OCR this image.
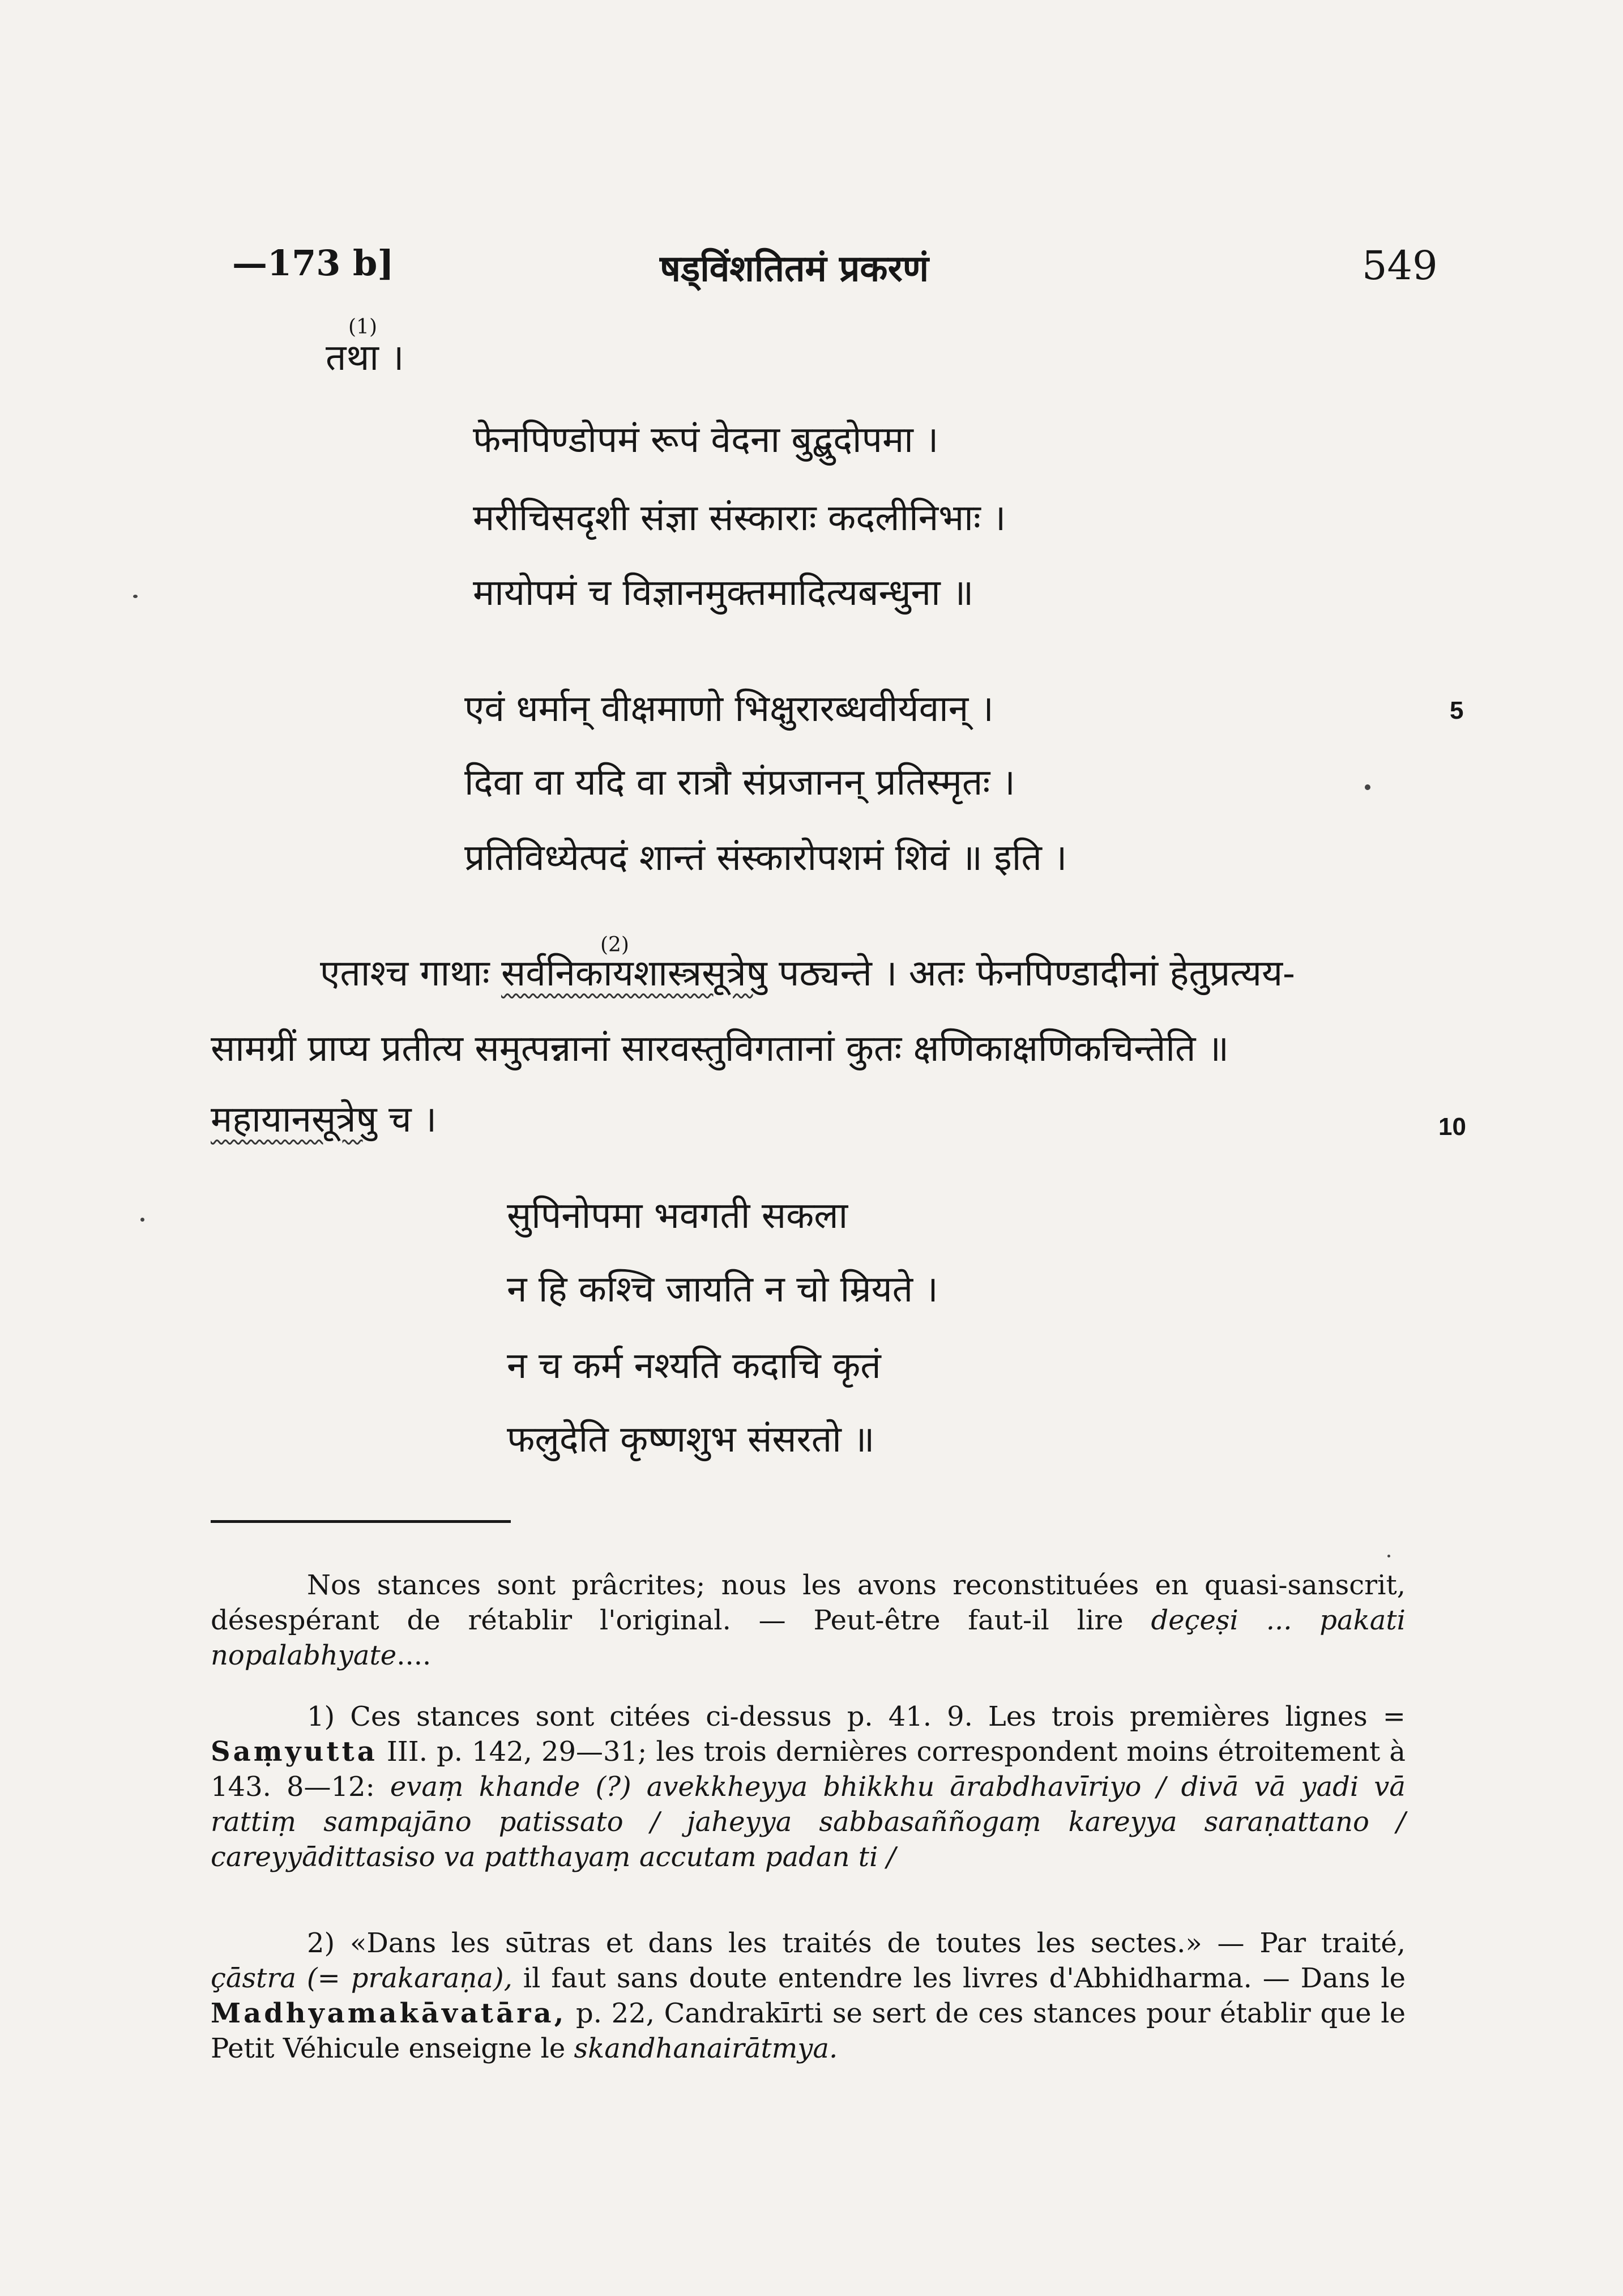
—173 b]	षड्विंशतितमं प्रकरणं	549
(1)
तथा ।
फेनपिण्डोपमं रूपं वेदना बुद्बुदोपमा ।
मरीचिसदृशी संज्ञा संस्काराः कदलीनिभाः ।
मायोपमं च विज्ञानमुक्तमादित्यबन्धुना ॥
एवं धर्मान् वीक्षमाणो भिक्षुरारब्धवीर्यवान् ।
दिवा वा यदि वा रात्रौ संप्रजानन् प्रतिस्मृतः ।
प्रतिविध्येत्पदं शान्तं संस्कारोपशमं शिवं ॥ इति ।
5
एताश्च गाथाः सर्वनिकायशास्त्रसूत्रेषु
(2)
पठ्यन्ते । अतः फेनपिण्डादीनां हेतुप्रत्यय-
सामग्रीं प्राप्य प्रतीत्य समुत्पन्नानां सारवस्तुविगतानां कुतः क्षणिकाक्षणिकचिन्तेति ॥
महायानसूत्रेषु च ।	10
सुपिनोपमा भवगती सकला
न हि कश्चि जायति न चो म्रियते ।
न च कर्म नश्यति कदाचि कृतं
फलुदेति कृष्णशुभ संसरतो ॥
Nos stances sont prâcrites; nous les avons reconstituées en quasi-sanscrit, désespérant de rétablir l'original. — Peut-être faut-il lire deçeṣi ... pakati nopalabhyate....
1) Ces stances sont citées ci-dessus p. 41. 9. Les trois premières lignes = Saṃyutta III. p. 142, 29—31; les trois dernières correspondent moins étroitement à 143. 8—12: evaṃ khande (?) avekkheyya bhikkhu ārabdhavīriyo / divā vā yadi vā rattiṃ sampajāno patissato / jaheyya sabbasaññogaṃ kareyya saraṇattano / careyyādittasiso va patthayaṃ accutam padan ti /
2) «Dans les sūtras et dans les traités de toutes les sectes.» — Par traité, çāstra (= prakaraṇa), il faut sans doute entendre les livres d'Abhidharma. — Dans le Madhyamakāvatāra, p. 22, Candrakīrti se sert de ces stances pour établir que le Petit Véhicule enseigne le skandhanairātmya.
